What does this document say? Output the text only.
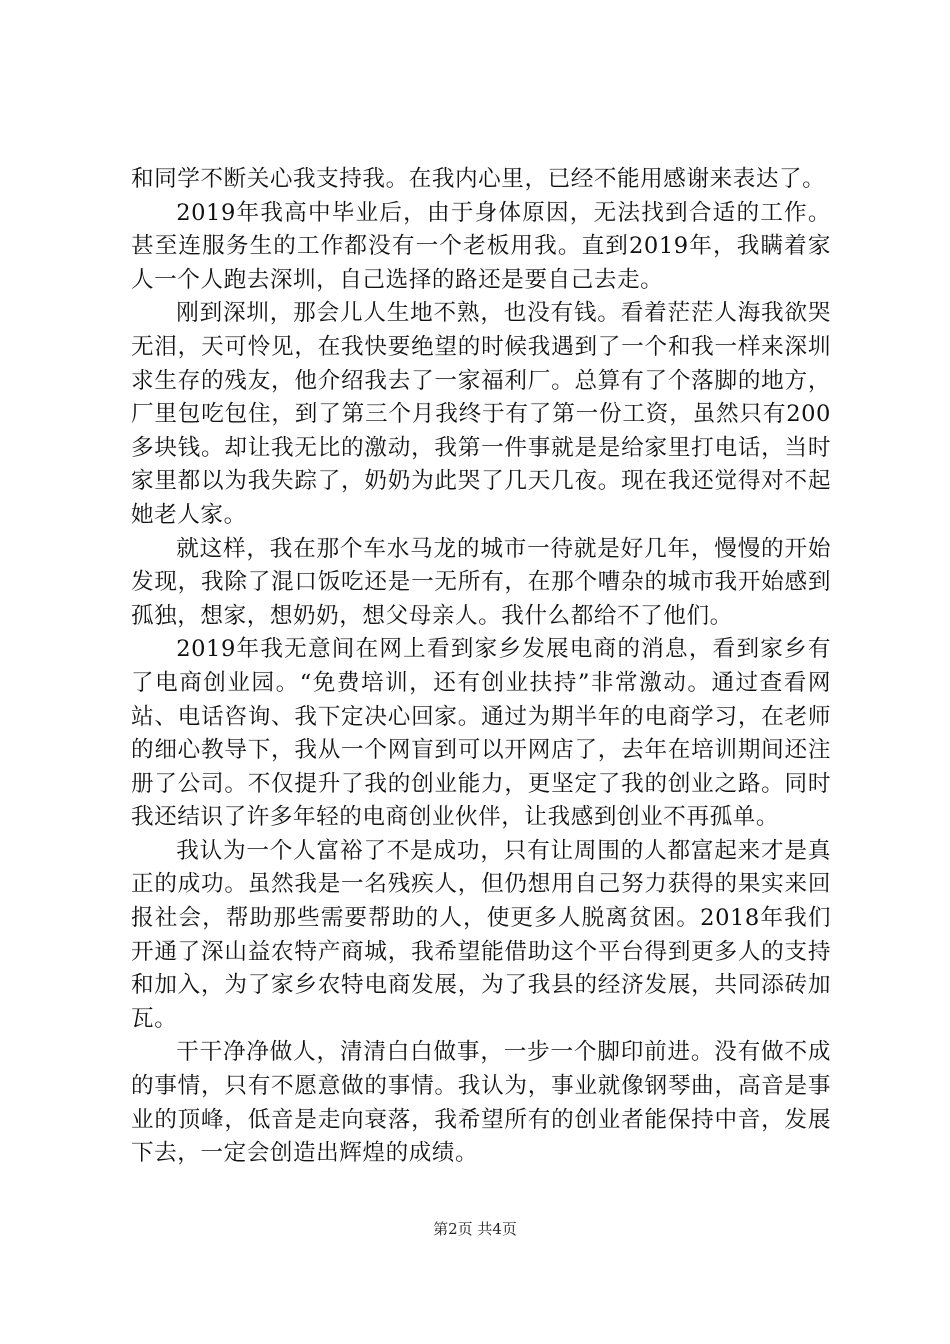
和同学不断关心我支持我。在我内心里，已经不能用感谢来表达了。

2019年我高中毕业后，由于身体原因，无法找到合适的工作。甚至连服务生的工作都没有一个老板用我。直到2019年，我瞒着家人一个人跑去深圳，自己选择的路还是要自己去走。

刚到深圳，那会儿人生地不熟，也没有钱。看着茫茫人海我欲哭无泪，天可怜见，在我快要绝望的时候我遇到了一个和我一样来深圳求生存的残友，他介绍我去了一家福利厂。总算有了个落脚的地方，厂里包吃包住，到了第三个月我终于有了第一份工资，虽然只有200多块钱。却让我无比的激动，我第一件事就是是给家里打电话，当时家里都以为我失踪了，奶奶为此哭了几天几夜。现在我还觉得对不起她老人家。

就这样，我在那个车水马龙的城市一待就是好几年，慢慢的开始发现，我除了混口饭吃还是一无所有，在那个嘈杂的城市我开始感到孤独，想家，想奶奶，想父母亲人。我什么都给不了他们。

2019年我无意间在网上看到家乡发展电商的消息，看到家乡有了电商创业园。“免费培训，还有创业扶持”非常激动。通过查看网站、电话咨询、我下定决心回家。通过为期半年的电商学习，在老师的细心教导下，我从一个网盲到可以开网店了，去年在培训期间还注册了公司。不仅提升了我的创业能力，更坚定了我的创业之路。同时我还结识了许多年轻的电商创业伙伴，让我感到创业不再孤单。

我认为一个人富裕了不是成功，只有让周围的人都富起来才是真正的成功。虽然我是一名残疾人，但仍想用自己努力获得的果实来回报社会，帮助那些需要帮助的人，使更多人脱离贫困。2018年我们开通了深山益农特产商城，我希望能借助这个平台得到更多人的支持和加入，为了家乡农特电商发展，为了我县的经济发展，共同添砖加瓦。

干干净净做人，清清白白做事，一步一个脚印前进。没有做不成的事情，只有不愿意做的事情。我认为，事业就像钢琴曲，高音是事业的顶峰，低音是走向衰落，我希望所有的创业者能保持中音，发展下去，一定会创造出辉煌的成绩。

第2页 共4页
